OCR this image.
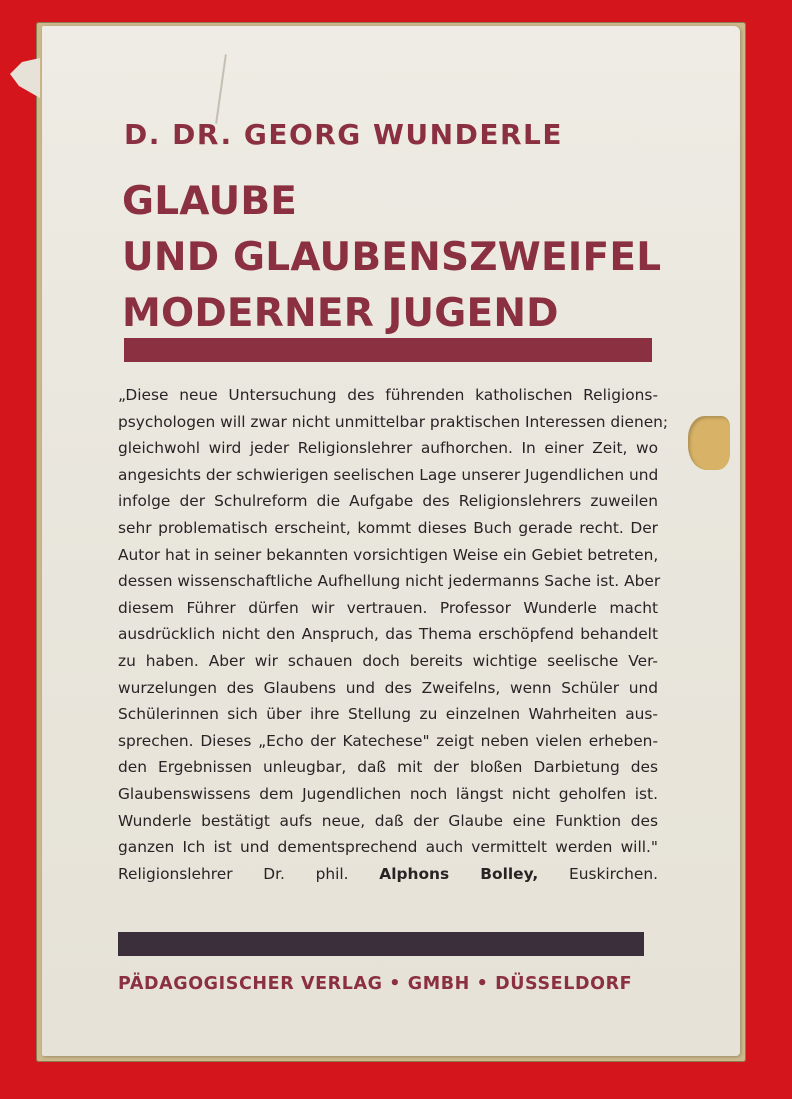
D. DR. GEORG WUNDERLE
GLAUBE
UND GLAUBENSZWEIFEL
MODERNER JUGEND
„Diese neue Untersuchung des führenden katholischen Religions-
psychologen will zwar nicht unmittelbar praktischen Interessen dienen;
gleichwohl wird jeder Religionslehrer aufhorchen. In einer Zeit, wo
angesichts der schwierigen seelischen Lage unserer Jugendlichen und
infolge der Schulreform die Aufgabe des Religionslehrers zuweilen
sehr problematisch erscheint, kommt dieses Buch gerade recht. Der
Autor hat in seiner bekannten vorsichtigen Weise ein Gebiet betreten,
dessen wissenschaftliche Aufhellung nicht jedermanns Sache ist. Aber
diesem Führer dürfen wir vertrauen. Professor Wunderle macht
ausdrücklich nicht den Anspruch, das Thema erschöpfend behandelt
zu haben. Aber wir schauen doch bereits wichtige seelische Ver-
wurzelungen des Glaubens und des Zweifelns, wenn Schüler und
Schülerinnen sich über ihre Stellung zu einzelnen Wahrheiten aus-
sprechen. Dieses „Echo der Katechese" zeigt neben vielen erheben-
den Ergebnissen unleugbar, daß mit der bloßen Darbietung des
Glaubenswissens dem Jugendlichen noch längst nicht geholfen ist.
Wunderle bestätigt aufs neue, daß der Glaube eine Funktion des
ganzen Ich ist und dementsprechend auch vermittelt werden will."
Religionslehrer Dr. phil. Alphons Bolley, Euskirchen.

PÄDAGOGISCHER VERLAG • GMBH • DÜSSELDORF
